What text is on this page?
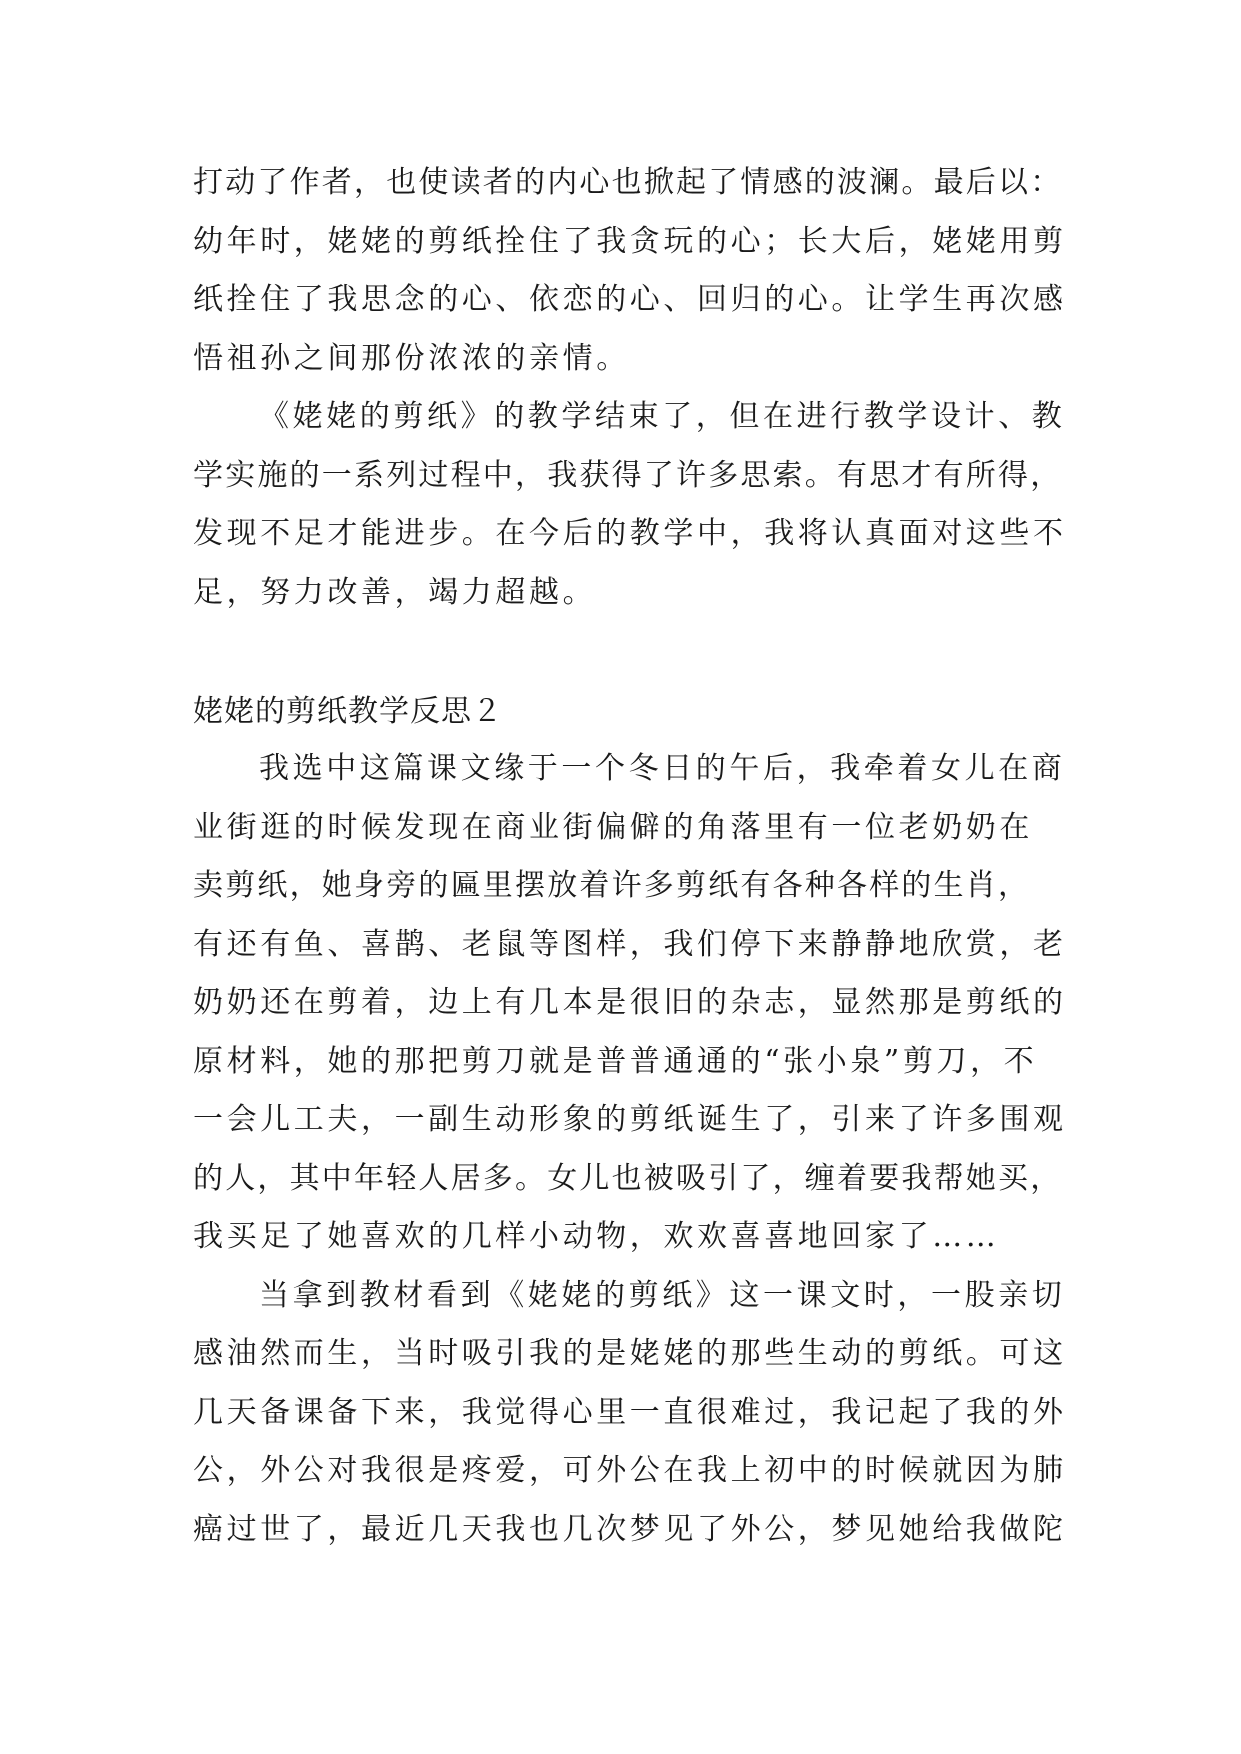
打动了作者，也使读者的内心也掀起了情感的波澜。最后以：
幼年时，姥姥的剪纸拴住了我贪玩的心；长大后，姥姥用剪
纸拴住了我思念的心、依恋的心、回归的心。让学生再次感
悟祖孙之间那份浓浓的亲情。
《姥姥的剪纸》的教学结束了，但在进行教学设计、教
学实施的一系列过程中，我获得了许多思索。有思才有所得，
发现不足才能进步。在今后的教学中，我将认真面对这些不
足，努力改善，竭力超越。
姥姥的剪纸教学反思２
我选中这篇课文缘于一个冬日的午后，我牵着女儿在商
业街逛的时候发现在商业街偏僻的角落里有一位老奶奶在
卖剪纸，她身旁的匾里摆放着许多剪纸有各种各样的生肖，
有还有鱼、喜鹊、老鼠等图样，我们停下来静静地欣赏，老
奶奶还在剪着，边上有几本是很旧的杂志，显然那是剪纸的
原材料，她的那把剪刀就是普普通通的“张小泉”剪刀，不
一会儿工夫，一副生动形象的剪纸诞生了，引来了许多围观
的人，其中年轻人居多。女儿也被吸引了，缠着要我帮她买，
我买足了她喜欢的几样小动物，欢欢喜喜地回家了……
当拿到教材看到《姥姥的剪纸》这一课文时，一股亲切
感油然而生，当时吸引我的是姥姥的那些生动的剪纸。可这
几天备课备下来，我觉得心里一直很难过，我记起了我的外
公，外公对我很是疼爱，可外公在我上初中的时候就因为肺
癌过世了，最近几天我也几次梦见了外公，梦见她给我做陀
